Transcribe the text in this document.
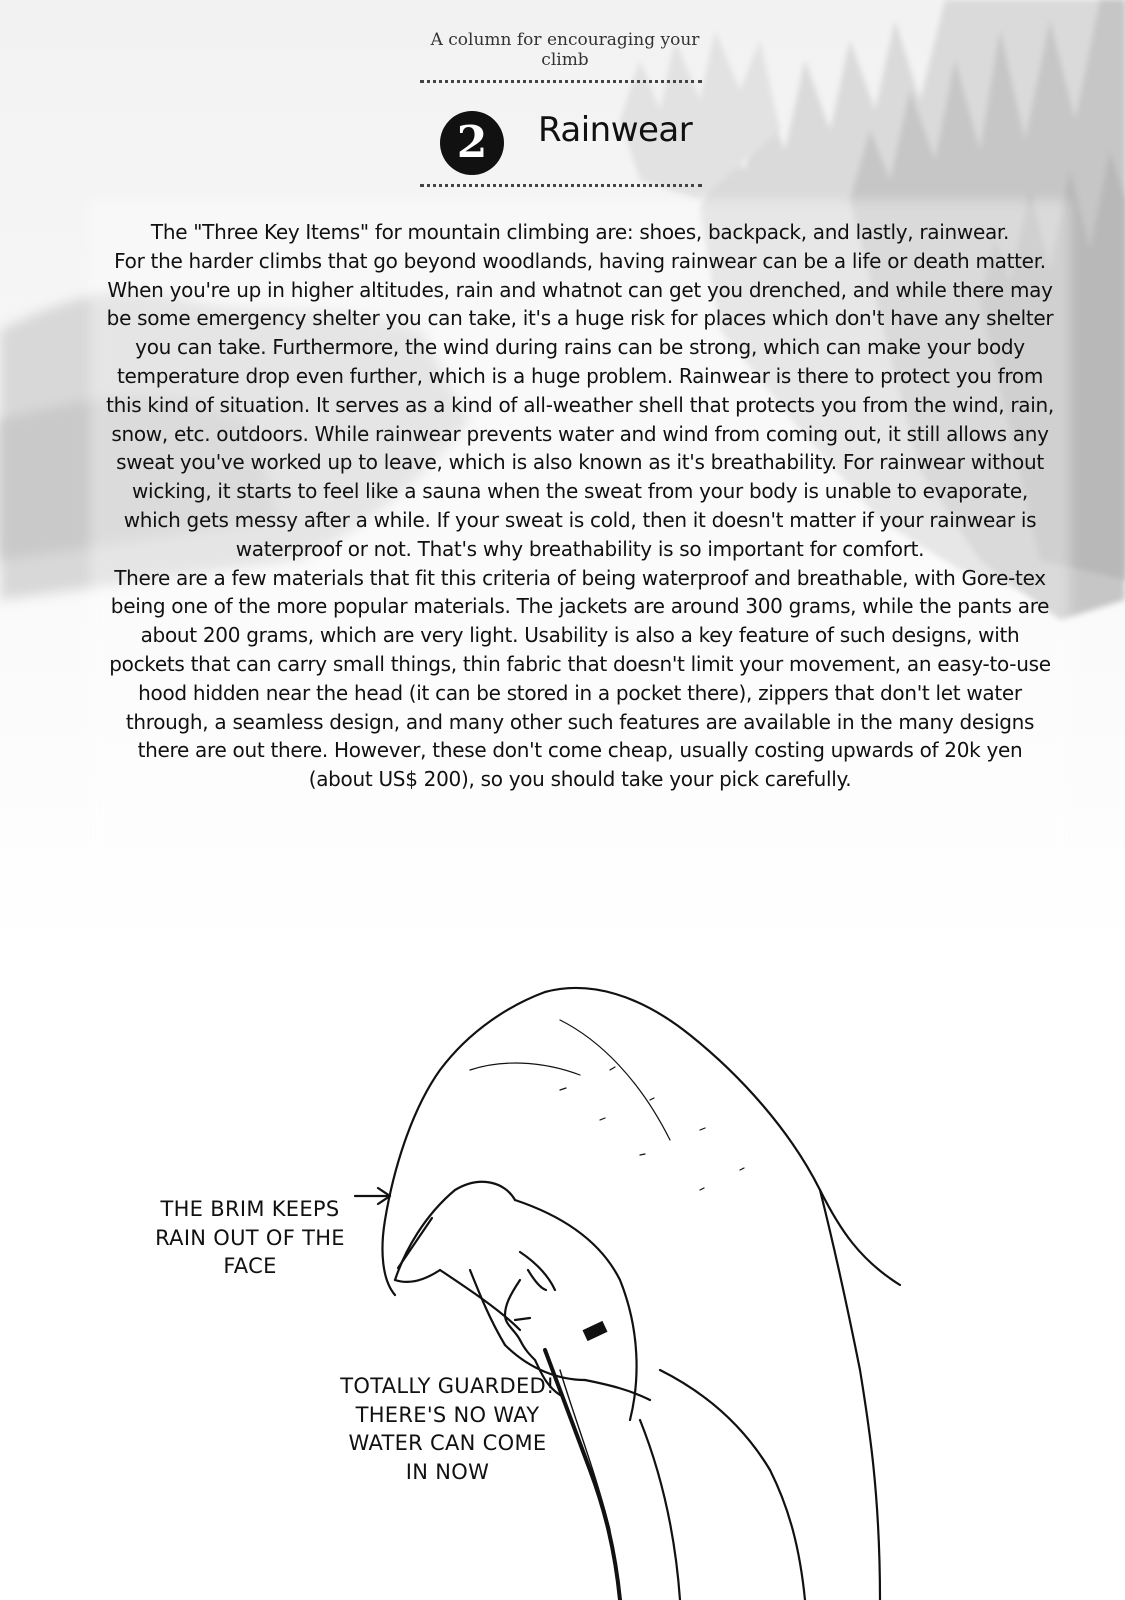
A column for encouraging your climb
2	Rainwear

The "Three Key Items" for mountain climbing are: shoes, backpack, and lastly, rainwear.

For the harder climbs that go beyond woodlands, having rainwear can be a life or death matter. When you're up in higher altitudes, rain and whatnot can get you drenched, and while there may be some emergency shelter you can take, it's a huge risk for places which don't have any shelter you can take. Furthermore, the wind during rains can be strong, which can make your body temperature drop even further, which is a huge problem. Rainwear is there to protect you from this kind of situation. It serves as a kind of all-weather shell that protects you from the wind, rain, snow, etc. outdoors. While rainwear prevents water and wind from coming out, it still allows any sweat you've worked up to leave, which is also known as it's breathability. For rainwear without wicking, it starts to feel like a sauna when the sweat from your body is unable to evaporate, which gets messy after a while. If your sweat is cold, then it doesn't matter if your rainwear is waterproof or not. That's why breathability is so important for comfort.

There are a few materials that fit this criteria of being waterproof and breathable, with Gore-tex being one of the more popular materials. The jackets are around 300 grams, while the pants are about 200 grams, which are very light. Usability is also a key feature of such designs, with pockets that can carry small things, thin fabric that doesn't limit your movement, an easy-to-use hood hidden near the head (it can be stored in a pocket there), zippers that don't let water through, a seamless design, and many other such features are available in the many designs there are out there. However, these don't come cheap, usually costing upwards of 20k yen (about US$ 200), so you should take your pick carefully.

THE BRIM KEEPS RAIN OUT OF THE FACE
TOTALLY GUARDED! THERE'S NO WAY WATER CAN COME IN NOW
